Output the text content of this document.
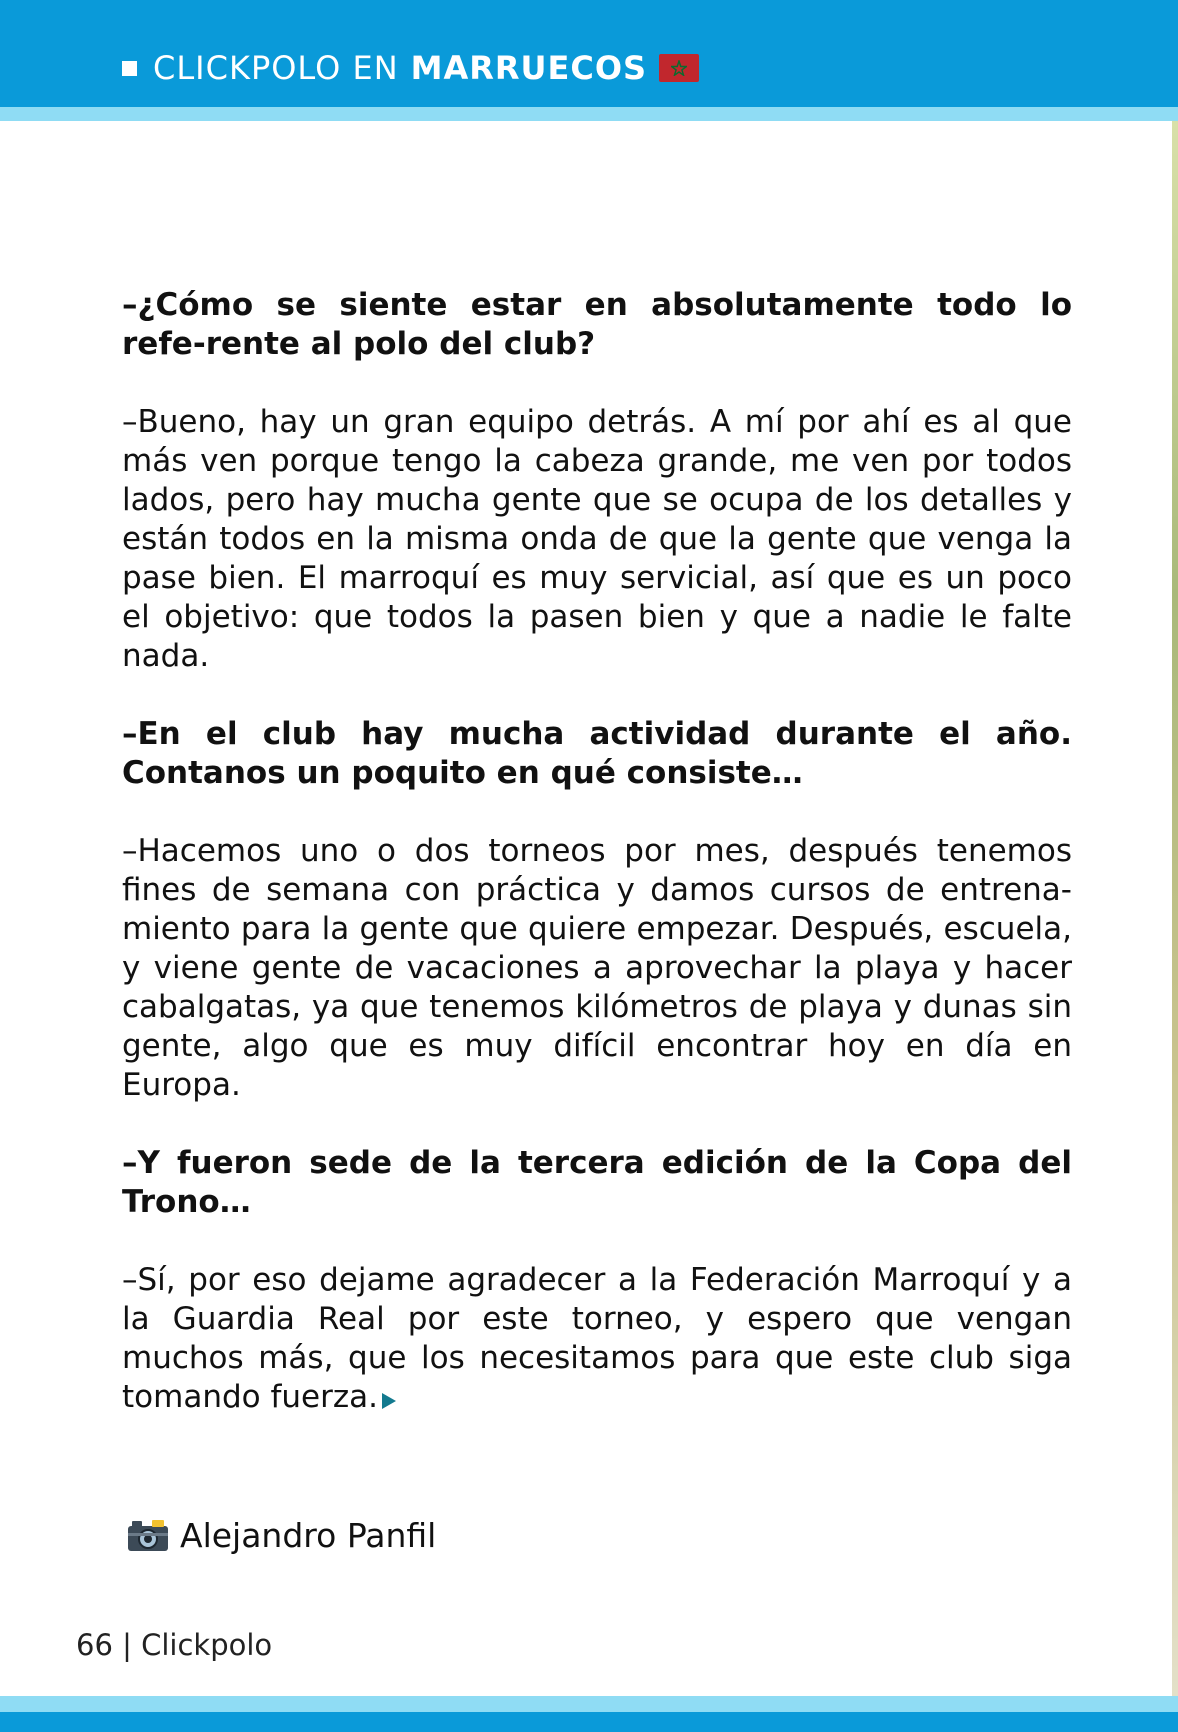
CLICKPOLO EN MARRUECOS

–¿Cómo se siente estar en absolutamente todo lo refe-rente al polo del club?

–Bueno, hay un gran equipo detrás. A mí por ahí es al que más ven porque tengo la cabeza grande, me ven por todos lados, pero hay mucha gente que se ocupa de los detalles y están todos en la misma onda de que la gente que venga la pase bien. El marroquí es muy servicial, así que es un poco el objetivo: que todos la pasen bien y que a nadie le falte nada.

–En el club hay mucha actividad durante el año. Contanos un poquito en qué consiste…

–Hacemos uno o dos torneos por mes, después tenemos fines de semana con práctica y damos cursos de entrena-miento para la gente que quiere empezar. Después, escuela, y viene gente de vacaciones a aprovechar la playa y hacer cabalgatas, ya que tenemos kilómetros de playa y dunas sin gente, algo que es muy difícil encontrar hoy en día en Europa.

–Y fueron sede de la tercera edición de la Copa del Trono…

–Sí, por eso dejame agradecer a la Federación Marroquí y a la Guardia Real por este torneo, y espero que vengan muchos más, que los necesitamos para que este club siga tomando fuerza.

Alejandro Panfil
66 | Clickpolo
